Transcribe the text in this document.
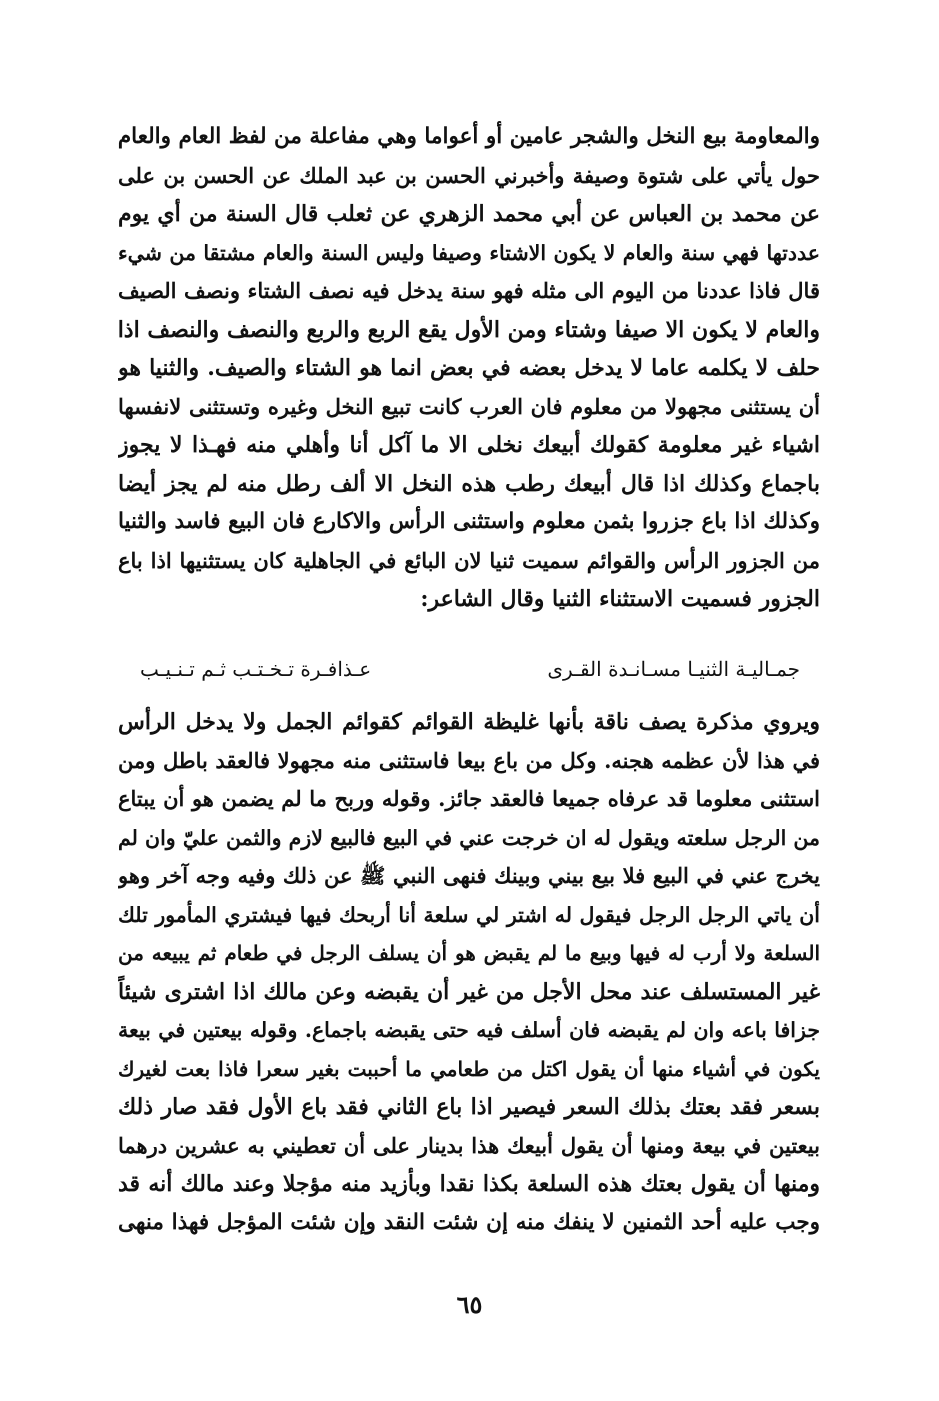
والمعاومة بيع النخل والشجر عامين أو أعواما وهي مفاعلة من لفظ العام والعام
حول يأتي على شتوة وصيفة وأخبرني الحسن بن عبد الملك عن الحسن بن على
عن محمد بن العباس عن أبي محمد الزهري عن ثعلب قال السنة من أي يوم
عددتها فهي سنة والعام لا يكون الاشتاء وصيفا وليس السنة والعام مشتقا من شيء
قال فاذا عددنا من اليوم الى مثله فهو سنة يدخل فيه نصف الشتاء ونصف الصيف
والعام لا يكون الا صيفا وشتاء ومن الأول يقع الربع والربع والنصف والنصف اذا
حلف لا يكلمه عاما لا يدخل بعضه في بعض انما هو الشتاء والصيف. والثنيا هو
أن يستثنى مجهولا من معلوم فان العرب كانت تبيع النخل وغيره وتستثنى لانفسها
اشياء غير معلومة كقولك أبيعك نخلى الا ما آكل أنا وأهلي منه فهـذا لا يجوز
باجماع وكذلك اذا قال أبيعك رطب هذه النخل الا ألف رطل منه لم يجز أيضا
وكذلك اذا باع جزروا بثمن معلوم واستثنى الرأس والاكارع فان البيع فاسد والثنيا
من الجزور الرأس والقوائم سميت ثنيا لان البائع في الجاهلية كان يستثنيها اذا باع
الجزور فسميت الاستثناء الثنيا وقال الشاعر:
جمـاليـة الثنيـا مسـانـدة القـرى
عـذافـرة تـخـتـب ثـم تـنـيـب
ويروي مذكرة يصف ناقة بأنها غليظة القوائم كقوائم الجمل ولا يدخل الرأس
في هذا لأن عظمه هجنه. وكل من باع بيعا فاستثنى منه مجهولا فالعقد باطل ومن
استثنى معلوما قد عرفاه جميعا فالعقد جائز. وقوله وربح ما لم يضمن هو أن يبتاع
من الرجل سلعته ويقول له ان خرجت عني في البيع فالبيع لازم والثمن عليّ وان لم
يخرج عني في البيع فلا بيع بيني وبينك فنهى النبي ﷺ عن ذلك وفيه وجه آخر وهو
أن ياتي الرجل الرجل فيقول له اشتر لي سلعة أنا أربحك فيها فيشتري المأمور تلك
السلعة ولا أرب له فيها وبيع ما لم يقبض هو أن يسلف الرجل في طعام ثم يبيعه من
غير المستسلف عند محل الأجل من غير أن يقبضه وعن مالك اذا اشترى شيئاً
جزافا باعه وان لم يقبضه فان أسلف فيه حتى يقبضه باجماع. وقوله بيعتين في بيعة
يكون في أشياء منها أن يقول اكتل من طعامي ما أحببت بغير سعرا فاذا بعت لغيرك
بسعر فقد بعتك بذلك السعر فيصير اذا باع الثاني فقد باع الأول فقد صار ذلك
بيعتين في بيعة ومنها أن يقول أبيعك هذا بدينار على أن تعطيني به عشرين درهما
ومنها أن يقول بعتك هذه السلعة بكذا نقدا وبأزيد منه مؤجلا وعند مالك أنه قد
وجب عليه أحد الثمنين لا ينفك منه إن شئت النقد وإن شئت المؤجل فهذا منهى
٦٥
